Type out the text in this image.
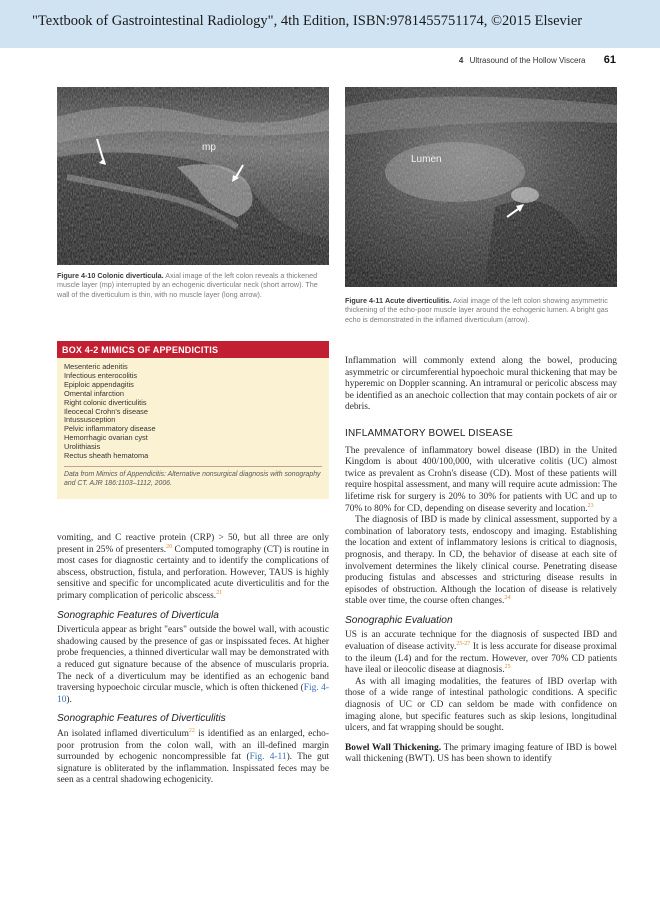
"Textbook of Gastrointestinal Radiology", 4th Edition, ISBN:9781455751174, ©2015 Elsevier
4 Ultrasound of the Hollow Viscera 61
mp
Figure 4-10 Colonic diverticula. Axial image of the left colon reveals a thickened muscle layer (mp) interrupted by an echogenic diverticular neck (short arrow). The wall of the diverticulum is thin, with no muscle layer (long arrow).
Lumen
Figure 4-11 Acute diverticulitis. Axial image of the left colon showing asymmetric thickening of the echo-poor muscle layer around the echogenic lumen. A bright gas echo is demonstrated in the inflamed diverticulum (arrow).
BOX 4-2 MIMICS OF APPENDICITIS
Mesenteric adenitis
Infectious enterocolitis
Epiploic appendagitis
Omental infarction
Right colonic diverticulitis
Ileocecal Crohn's disease
Intussusception
Pelvic inflammatory disease
Hemorrhagic ovarian cyst
Urolithiasis
Rectus sheath hematoma
Data from Mimics of Appendicitis: Alternative nonsurgical diagnosis with sonography and CT. AJR 186:1103–1112, 2006.

vomiting, and C reactive protein (CRP) > 50, but all three are only present in 25% of presenters.$^{20}$ Computed tomography (CT) is routine in most cases for diagnostic certainty and to identify the complications of abscess, obstruction, fistula, and perforation. However, TAUS is highly sensitive and specific for uncomplicated acute diverticulitis and for the primary complication of pericolic abscess.$^{21}$

Sonographic Features of Diverticula

Diverticula appear as bright "ears" outside the bowel wall, with acoustic shadowing caused by the presence of gas or inspissated feces. At higher probe frequencies, a thinned diverticular wall may be demonstrated with a reduced gut signature because of the absence of muscularis propria. The neck of a diverticulum may be identified as an echogenic band traversing hypoechoic circular muscle, which is often thickened (Fig. 4-10).

Sonographic Features of Diverticulitis

An isolated inflamed diverticulum$^{22}$ is identified as an enlarged, echo-poor protrusion from the colon wall, with an ill-defined margin surrounded by echogenic noncompressible fat (Fig. 4-11). The gut signature is obliterated by the inflammation. Inspissated feces may be seen as a central shadowing echogenicity.

Inflammation will commonly extend along the bowel, producing asymmetric or circumferential hypoechoic mural thickening that may be hyperemic on Doppler scanning. An intramural or pericolic abscess may be identified as an anechoic collection that may contain pockets of air or debris.

INFLAMMATORY BOWEL DISEASE

The prevalence of inflammatory bowel disease (IBD) in the United Kingdom is about 400/100,000, with ulcerative colitis (UC) almost twice as prevalent as Crohn's disease (CD). Most of these patients will require hospital assessment, and many will require acute admission: The lifetime risk for surgery is 20% to 30% for patients with UC and up to 70% to 80% for CD, depending on disease severity and location.$^{23}$

The diagnosis of IBD is made by clinical assessment, supported by a combination of laboratory tests, endoscopy and imaging. Establishing the location and extent of inflammatory lesions is critical to diagnosis, prognosis, and therapy. In CD, the behavior of disease at each site of involvement determines the likely clinical course. Penetrating disease producing fistulas and abscesses and stricturing disease results in episodes of obstruction. Although the location of disease is relatively stable over time, the course often changes.$^{24}$

Sonographic Evaluation

US is an accurate technique for the diagnosis of suspected IBD and evaluation of disease activity.$^{25-27}$ It is less accurate for disease proximal to the ileum (L4) and for the rectum. However, over 70% CD patients have ileal or ileocolic disease at diagnosis.$^{25}$

As with all imaging modalities, the features of IBD overlap with those of a wide range of intestinal pathologic conditions. A specific diagnosis of UC or CD can seldom be made with confidence on imaging alone, but specific features such as skip lesions, longitudinal ulcers, and fat wrapping should be sought.

Bowel Wall Thickening. The primary imaging feature of IBD is bowel wall thickening (BWT). US has been shown to identify
